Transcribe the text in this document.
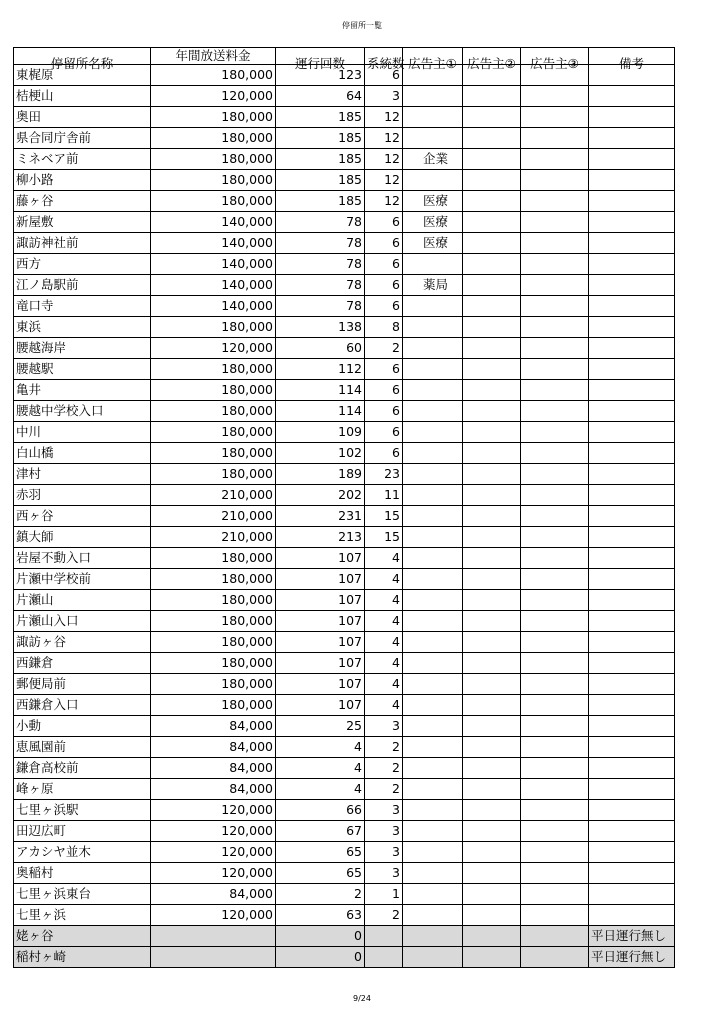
停留所一覧
停留所名称	年間放送料金	運行回数	系統数	広告主①	広告主②	広告主③	備考

東梶原	180,000	123	6				
桔梗山	120,000	64	3				
奥田	180,000	185	12				
県合同庁舎前	180,000	185	12				
ミネベア前	180,000	185	12	企業			
柳小路	180,000	185	12				
藤ヶ谷	180,000	185	12	医療			
新屋敷	140,000	78	6	医療			
諏訪神社前	140,000	78	6	医療			
西方	140,000	78	6				
江ノ島駅前	140,000	78	6	薬局			
竜口寺	140,000	78	6				
東浜	180,000	138	8				
腰越海岸	120,000	60	2				
腰越駅	180,000	112	6				
亀井	180,000	114	6				
腰越中学校入口	180,000	114	6				
中川	180,000	109	6				
白山橋	180,000	102	6				
津村	180,000	189	23				
赤羽	210,000	202	11				
西ヶ谷	210,000	231	15				
鎮大師	210,000	213	15				
岩屋不動入口	180,000	107	4				
片瀬中学校前	180,000	107	4				
片瀬山	180,000	107	4				
片瀬山入口	180,000	107	4				
諏訪ヶ谷	180,000	107	4				
西鎌倉	180,000	107	4				
郵便局前	180,000	107	4				
西鎌倉入口	180,000	107	4				
小動	84,000	25	3				
恵風園前	84,000	4	2				
鎌倉高校前	84,000	4	2				
峰ヶ原	84,000	4	2				
七里ヶ浜駅	120,000	66	3				
田辺広町	120,000	67	3				
アカシヤ並木	120,000	65	3				
奥稲村	120,000	65	3				
七里ヶ浜東台	84,000	2	1				
七里ヶ浜	120,000	63	2				
姥ヶ谷		0					平日運行無し
稲村ヶ崎		0					平日運行無し
9/24
